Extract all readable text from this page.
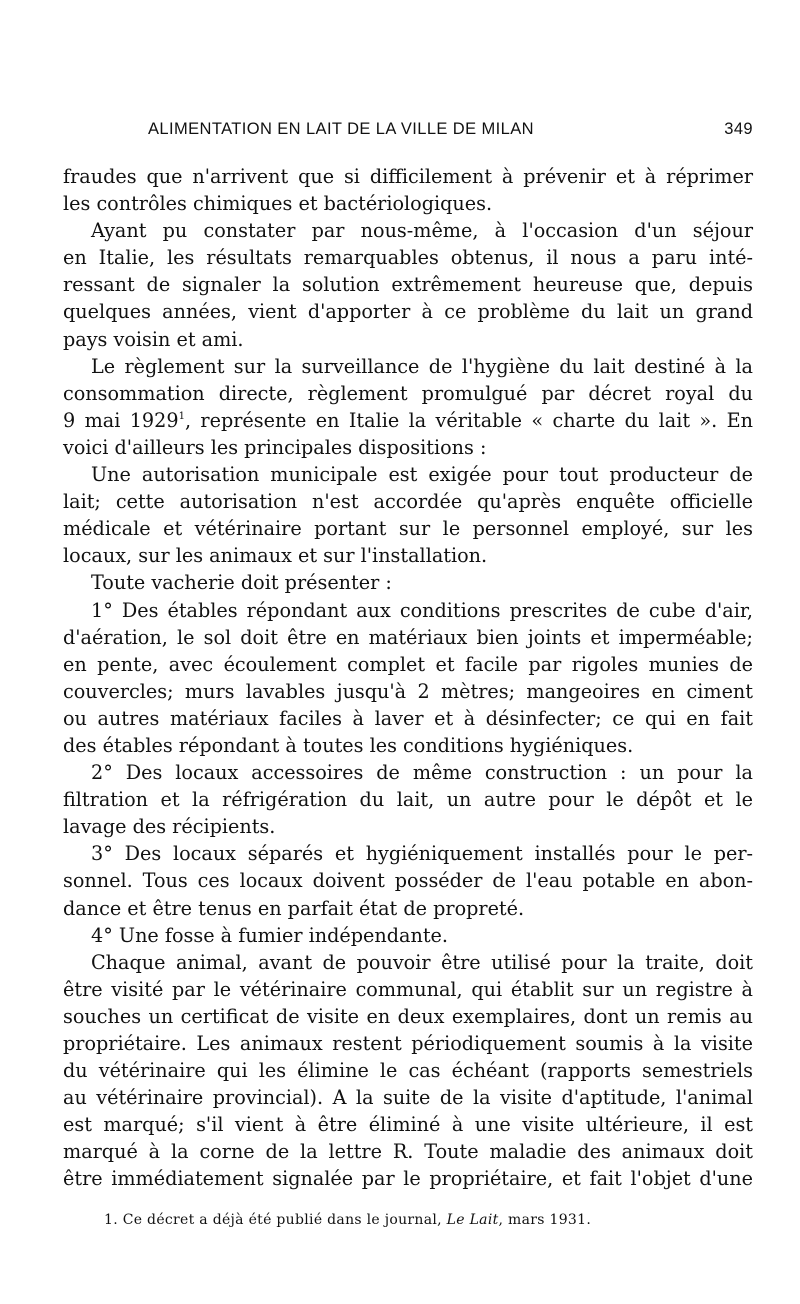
ALIMENTATION EN LAIT DE LA VILLE DE MILAN	349
fraudes que n'arrivent que si difficilement à prévenir et à réprimer
les contrôles chimiques et bactériologiques.
Ayant pu constater par nous-même, à l'occasion d'un séjour
en Italie, les résultats remarquables obtenus, il nous a paru inté-
ressant de signaler la solution extrêmement heureuse que, depuis
quelques années, vient d'apporter à ce problème du lait un grand
pays voisin et ami.
Le règlement sur la surveillance de l'hygiène du lait destiné à la
consommation directe, règlement promulgué par décret royal du
9 mai 1929$^1$, représente en Italie la véritable « charte du lait ». En
voici d'ailleurs les principales dispositions :
Une autorisation municipale est exigée pour tout producteur de
lait; cette autorisation n'est accordée qu'après enquête officielle
médicale et vétérinaire portant sur le personnel employé, sur les
locaux, sur les animaux et sur l'installation.
Toute vacherie doit présenter :
1° Des étables répondant aux conditions prescrites de cube d'air,
d'aération, le sol doit être en matériaux bien joints et imperméable;
en pente, avec écoulement complet et facile par rigoles munies de
couvercles; murs lavables jusqu'à 2 mètres; mangeoires en ciment
ou autres matériaux faciles à laver et à désinfecter; ce qui en fait
des étables répondant à toutes les conditions hygiéniques.
2° Des locaux accessoires de même construction : un pour la
filtration et la réfrigération du lait, un autre pour le dépôt et le
lavage des récipients.
3° Des locaux séparés et hygiéniquement installés pour le per-
sonnel. Tous ces locaux doivent posséder de l'eau potable en abon-
dance et être tenus en parfait état de propreté.
4° Une fosse à fumier indépendante.
Chaque animal, avant de pouvoir être utilisé pour la traite, doit
être visité par le vétérinaire communal, qui établit sur un registre à
souches un certificat de visite en deux exemplaires, dont un remis au
propriétaire. Les animaux restent périodiquement soumis à la visite
du vétérinaire qui les élimine le cas échéant (rapports semestriels
au vétérinaire provincial). A la suite de la visite d'aptitude, l'animal
est marqué; s'il vient à être éliminé à une visite ultérieure, il est
marqué à la corne de la lettre R. Toute maladie des animaux doit
être immédiatement signalée par le propriétaire, et fait l'objet d'une
1. Ce décret a déjà été publié dans le journal, Le Lait, mars 1931.
